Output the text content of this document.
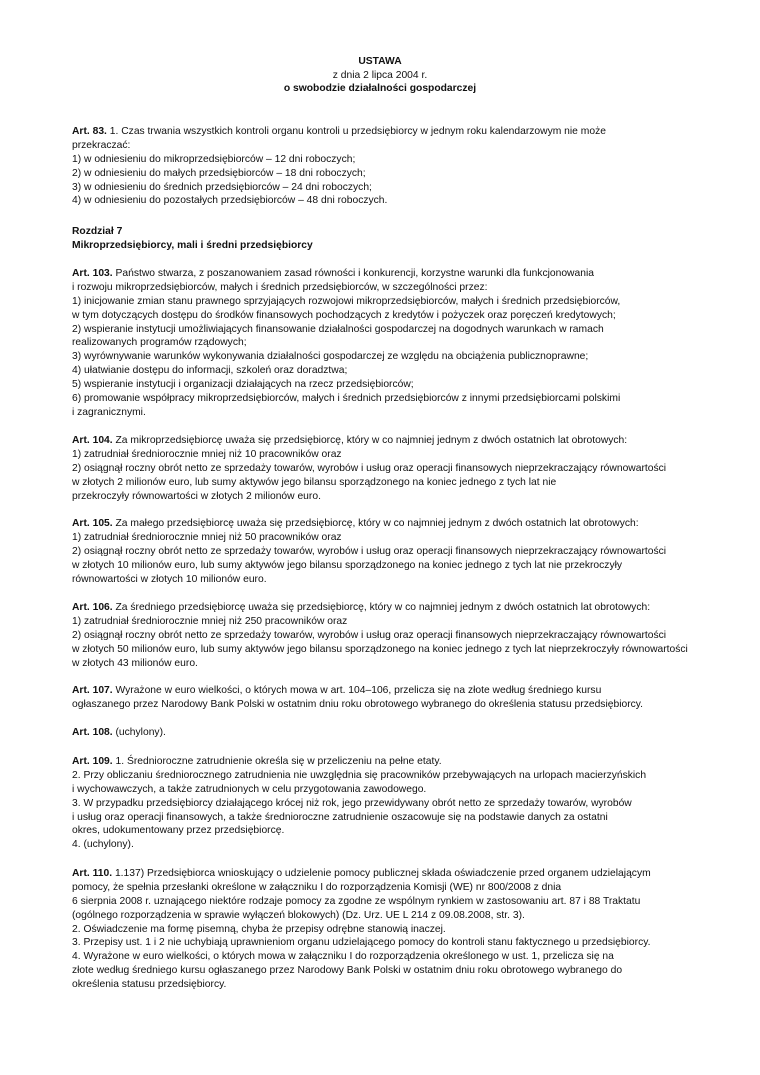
USTAWA
z dnia 2 lipca 2004 r.
o swobodzie działalności gospodarczej
Art. 83. 1. Czas trwania wszystkich kontroli organu kontroli u przedsiębiorcy w jednym roku kalendarzowym nie może
przekraczać:
1) w odniesieniu do mikroprzedsiębiorców – 12 dni roboczych;
2) w odniesieniu do małych przedsiębiorców – 18 dni roboczych;
3) w odniesieniu do średnich przedsiębiorców – 24 dni roboczych;
4) w odniesieniu do pozostałych przedsiębiorców – 48 dni roboczych.
Rozdział 7
Mikroprzedsiębiorcy, mali i średni przedsiębiorcy
Art. 103. Państwo stwarza, z poszanowaniem zasad równości i konkurencji, korzystne warunki dla funkcjonowania
i rozwoju mikroprzedsiębiorców, małych i średnich przedsiębiorców, w szczególności przez:
1) inicjowanie zmian stanu prawnego sprzyjających rozwojowi mikroprzedsiębiorców, małych i średnich przedsiębiorców,
w tym dotyczących dostępu do środków finansowych pochodzących z kredytów i pożyczek oraz poręczeń kredytowych;
2) wspieranie instytucji umożliwiających finansowanie działalności gospodarczej na dogodnych warunkach w ramach
realizowanych programów rządowych;
3) wyrównywanie warunków wykonywania działalności gospodarczej ze względu na obciążenia publicznoprawne;
4) ułatwianie dostępu do informacji, szkoleń oraz doradztwa;
5) wspieranie instytucji i organizacji działających na rzecz przedsiębiorców;
6) promowanie współpracy mikroprzedsiębiorców, małych i średnich przedsiębiorców z innymi przedsiębiorcami polskimi
i zagranicznymi.
Art. 104. Za mikroprzedsiębiorcę uważa się przedsiębiorcę, który w co najmniej jednym z dwóch ostatnich lat obrotowych:
1) zatrudniał średniorocznie mniej niż 10 pracowników oraz
2) osiągnął roczny obrót netto ze sprzedaży towarów, wyrobów i usług oraz operacji finansowych nieprzekraczający równowartości
w złotych 2 milionów euro, lub sumy aktywów jego bilansu sporządzonego na koniec jednego z tych lat nie
przekroczyły równowartości w złotych 2 milionów euro.
Art. 105. Za małego przedsiębiorcę uważa się przedsiębiorcę, który w co najmniej jednym z dwóch ostatnich lat obrotowych:
1) zatrudniał średniorocznie mniej niż 50 pracowników oraz
2) osiągnął roczny obrót netto ze sprzedaży towarów, wyrobów i usług oraz operacji finansowych nieprzekraczający równowartości
w złotych 10 milionów euro, lub sumy aktywów jego bilansu sporządzonego na koniec jednego z tych lat nie przekroczyły
równowartości w złotych 10 milionów euro.
Art. 106. Za średniego przedsiębiorcę uważa się przedsiębiorcę, który w co najmniej jednym z dwóch ostatnich lat obrotowych:
1) zatrudniał średniorocznie mniej niż 250 pracowników oraz
2) osiągnął roczny obrót netto ze sprzedaży towarów, wyrobów i usług oraz operacji finansowych nieprzekraczający równowartości
w złotych 50 milionów euro, lub sumy aktywów jego bilansu sporządzonego na koniec jednego z tych lat nieprzekroczyły równowartości
w złotych 43 milionów euro.
Art. 107. Wyrażone w euro wielkości, o których mowa w art. 104–106, przelicza się na złote według średniego kursu
ogłaszanego przez Narodowy Bank Polski w ostatnim dniu roku obrotowego wybranego do określenia statusu przedsiębiorcy.
Art. 108. (uchylony).
Art. 109. 1. Średnioroczne zatrudnienie określa się w przeliczeniu na pełne etaty.
2. Przy obliczaniu średniorocznego zatrudnienia nie uwzględnia się pracowników przebywających na urlopach macierzyńskich
i wychowawczych, a także zatrudnionych w celu przygotowania zawodowego.
3. W przypadku przedsiębiorcy działającego krócej niż rok, jego przewidywany obrót netto ze sprzedaży towarów, wyrobów
i usług oraz operacji finansowych, a także średnioroczne zatrudnienie oszacowuje się na podstawie danych za ostatni
okres, udokumentowany przez przedsiębiorcę.
4. (uchylony).
Art. 110. 1.137) Przedsiębiorca wnioskujący o udzielenie pomocy publicznej składa oświadczenie przed organem udzielającym
pomocy, że spełnia przesłanki określone w załączniku I do rozporządzenia Komisji (WE) nr 800/2008 z dnia
6 sierpnia 2008 r. uznającego niektóre rodzaje pomocy za zgodne ze wspólnym rynkiem w zastosowaniu art. 87 i 88 Traktatu
(ogólnego rozporządzenia w sprawie wyłączeń blokowych) (Dz. Urz. UE L 214 z 09.08.2008, str. 3).
2. Oświadczenie ma formę pisemną, chyba że przepisy odrębne stanowią inaczej.
3. Przepisy ust. 1 i 2 nie uchybiają uprawnieniom organu udzielającego pomocy do kontroli stanu faktycznego u przedsiębiorcy.
4. Wyrażone w euro wielkości, o których mowa w załączniku I do rozporządzenia określonego w ust. 1, przelicza się na
złote według średniego kursu ogłaszanego przez Narodowy Bank Polski w ostatnim dniu roku obrotowego wybranego do
określenia statusu przedsiębiorcy.
